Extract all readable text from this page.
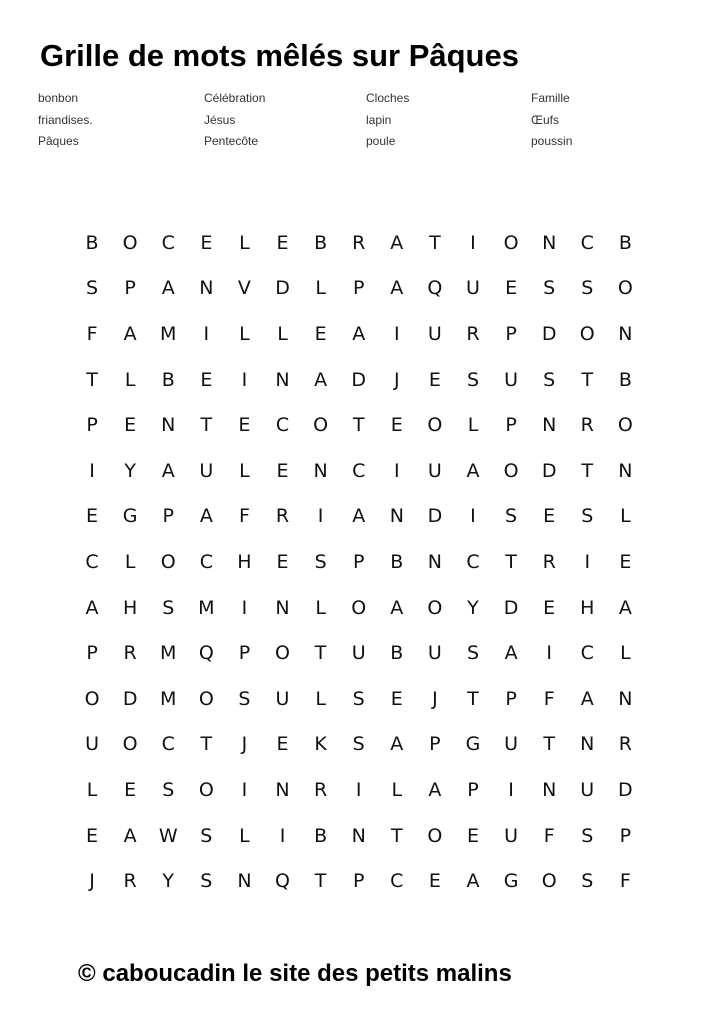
Grille de mots mêlés sur Pâques
bonbon	Célébration	Cloches	Famille
friandises.	Jésus	lapin	Œufs
Pâques	Pentecôte	poule	poussin
B	O	C	E	L	E	B	R	A	T	I	O	N	C	B
S	P	A	N	V	D	L	P	A	Q	U	E	S	S	O
F	A	M	I	L	L	E	A	I	U	R	P	D	O	N
T	L	B	E	I	N	A	D	J	E	S	U	S	T	B
P	E	N	T	E	C	O	T	E	O	L	P	N	R	O
I	Y	A	U	L	E	N	C	I	U	A	O	D	T	N
E	G	P	A	F	R	I	A	N	D	I	S	E	S	L
C	L	O	C	H	E	S	P	B	N	C	T	R	I	E
A	H	S	M	I	N	L	O	A	O	Y	D	E	H	A
P	R	M	Q	P	O	T	U	B	U	S	A	I	C	L
O	D	M	O	S	U	L	S	E	J	T	P	F	A	N
U	O	C	T	J	E	K	S	A	P	G	U	T	N	R
L	E	S	O	I	N	R	I	L	A	P	I	N	U	D
E	A	W	S	L	I	B	N	T	O	E	U	F	S	P
J	R	Y	S	N	Q	T	P	C	E	A	G	O	S	F
© caboucadin le site des petits malins
